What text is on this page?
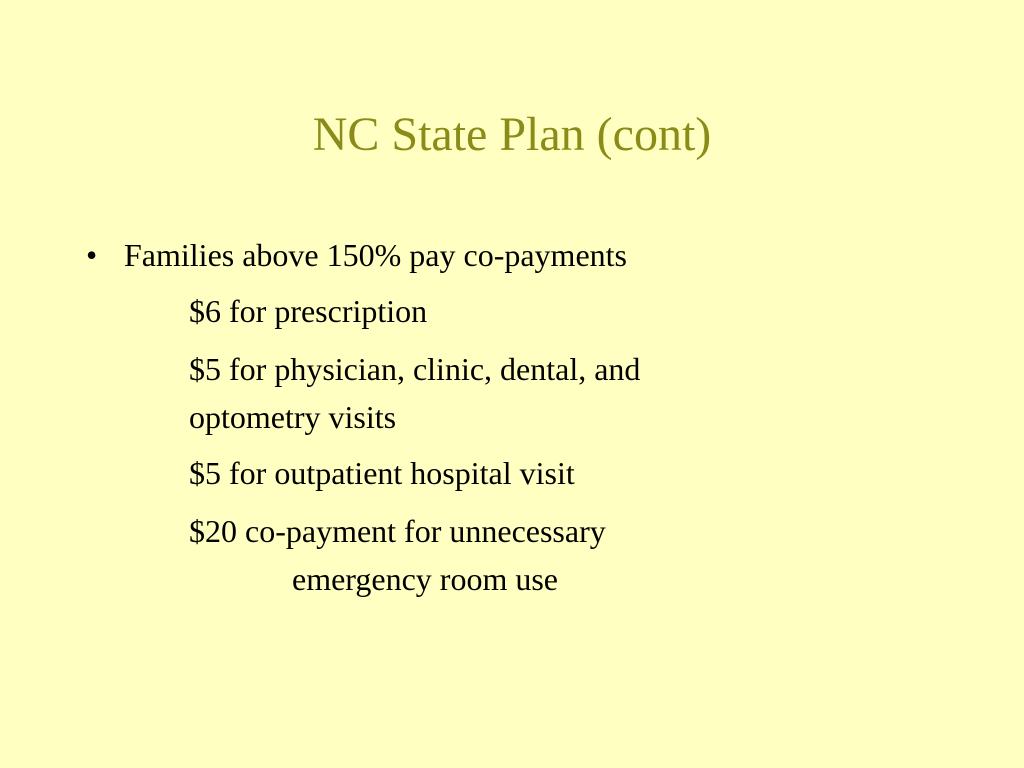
NC State Plan (cont)
• Families above 150% pay co-payments
$6 for prescription
$5 for physician, clinic, dental, and
optometry visits
$5 for outpatient hospital visit
$20 co-payment for unnecessary
emergency room use
